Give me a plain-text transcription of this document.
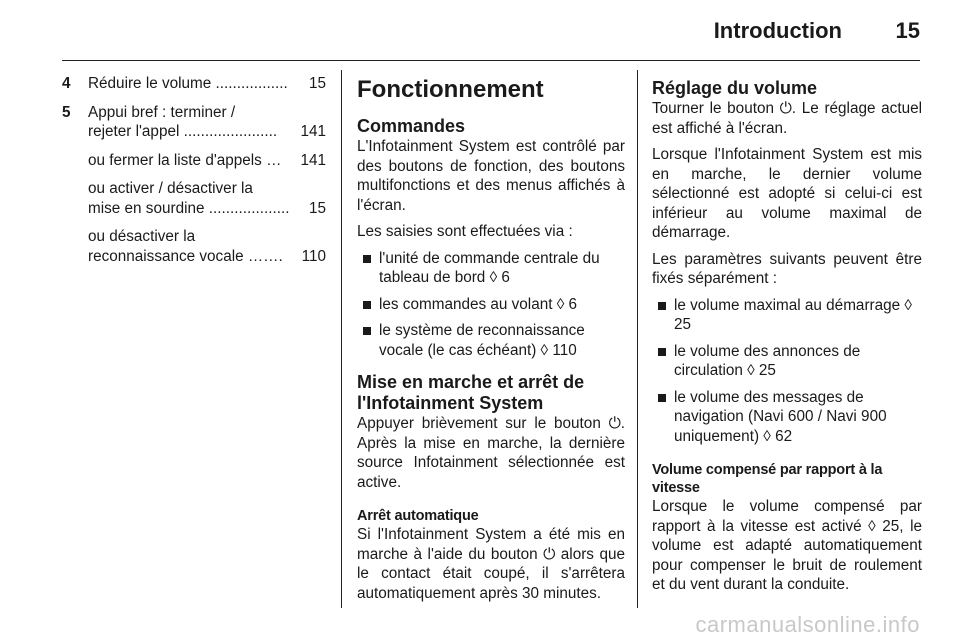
Introduction 15
4	Réduire le volume ................. 15
5	Appui bref : terminer /
rejeter l'appel ...................... 141
ou fermer la liste d'appels … 141
ou activer / désactiver la
mise en sourdine ................... 15
ou désactiver la
reconnaissance vocale ……. 110
Fonctionnement
Commandes

L'Infotainment System est contrôlé par des boutons de fonction, des boutons multifonctions et des menus affichés à l'écran.

Les saisies sont effectuées via :

l'unité de commande centrale du tableau de bord ◊ 6
les commandes au volant ◊ 6
le système de reconnaissance vocale (le cas échéant) ◊ 110
Mise en marche et arrêt de l'Infotainment System

Appuyer brièvement sur le bouton ⏻. Après la mise en marche, la dernière source Infotainment sélectionnée est active.

Arrêt automatique

Si l'Infotainment System a été mis en marche à l'aide du bouton ⏻ alors que le contact était coupé, il s'arrêtera automatiquement après 30 minutes.

Réglage du volume

Tourner le bouton ⏻. Le réglage actuel est affiché à l'écran.

Lorsque l'Infotainment System est mis en marche, le dernier volume sélectionné est adopté si celui-ci est inférieur au volume maximal de démarrage.

Les paramètres suivants peuvent être fixés séparément :

le volume maximal au démarrage ◊ 25
le volume des annonces de circulation ◊ 25
le volume des messages de navigation (Navi 600 / Navi 900 uniquement) ◊ 62
Volume compensé par rapport à la vitesse

Lorsque le volume compensé par rapport à la vitesse est activé ◊ 25, le volume est adapté automatiquement pour compenser le bruit de roulement et du vent durant la conduite.

carmanualsonline.info
